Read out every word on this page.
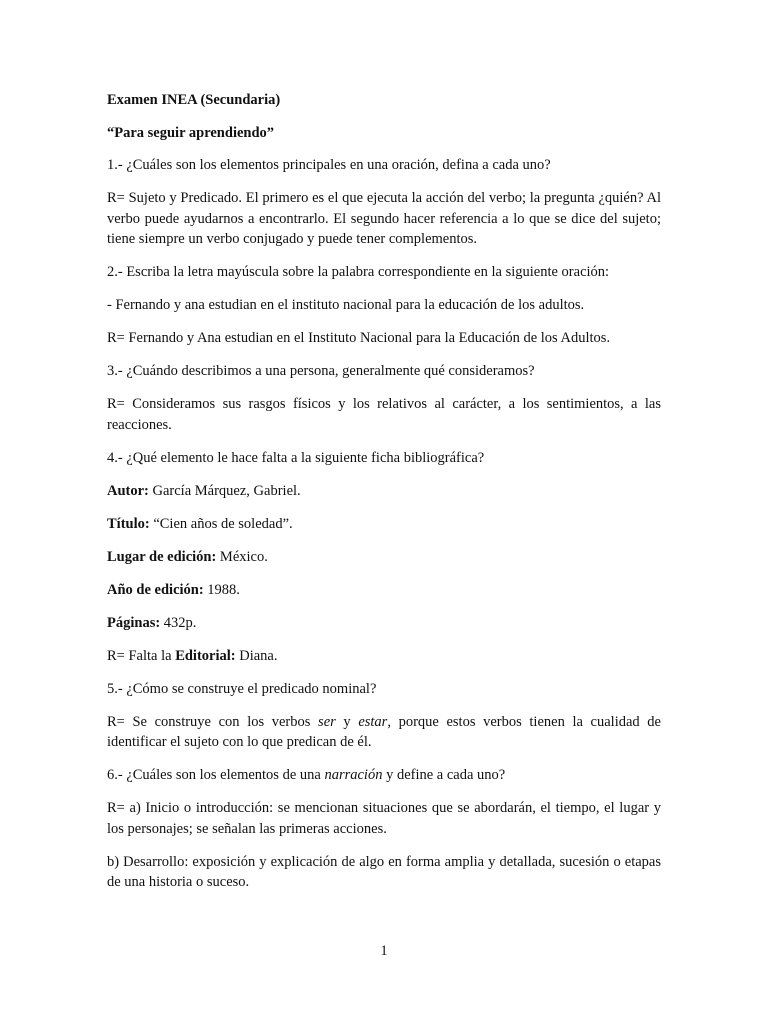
Examen INEA (Secundaria)

“Para seguir aprendiendo”

1.- ¿Cuáles son los elementos principales en una oración, defina a cada uno?

R= Sujeto y Predicado. El primero es el que ejecuta la acción del verbo; la pregunta ¿quién? Al verbo puede ayudarnos a encontrarlo. El segundo hacer referencia a lo que se dice del sujeto; tiene siempre un verbo conjugado y puede tener complementos.

2.- Escriba la letra mayúscula sobre la palabra correspondiente en la siguiente oración:

- Fernando y ana estudian en el instituto nacional para la educación de los adultos.

R= Fernando y Ana estudian en el Instituto Nacional para la Educación de los Adultos.

3.- ¿Cuándo describimos a una persona, generalmente qué consideramos?

R= Consideramos sus rasgos físicos y los relativos al carácter, a los sentimientos, a las reacciones.

4.- ¿Qué elemento le hace falta a la siguiente ficha bibliográfica?

Autor: García Márquez, Gabriel.

Título: “Cien años de soledad”.

Lugar de edición: México.

Año de edición: 1988.

Páginas: 432p.

R= Falta la Editorial: Diana.

5.- ¿Cómo se construye el predicado nominal?

R= Se construye con los verbos ser y estar, porque estos verbos tienen la cualidad de identificar el sujeto con lo que predican de él.

6.- ¿Cuáles son los elementos de una narración y define a cada uno?

R= a) Inicio o introducción: se mencionan situaciones que se abordarán, el tiempo, el lugar y los personajes; se señalan las primeras acciones.

b) Desarrollo: exposición y explicación de algo en forma amplia y detallada, sucesión o etapas de una historia o suceso.

1
